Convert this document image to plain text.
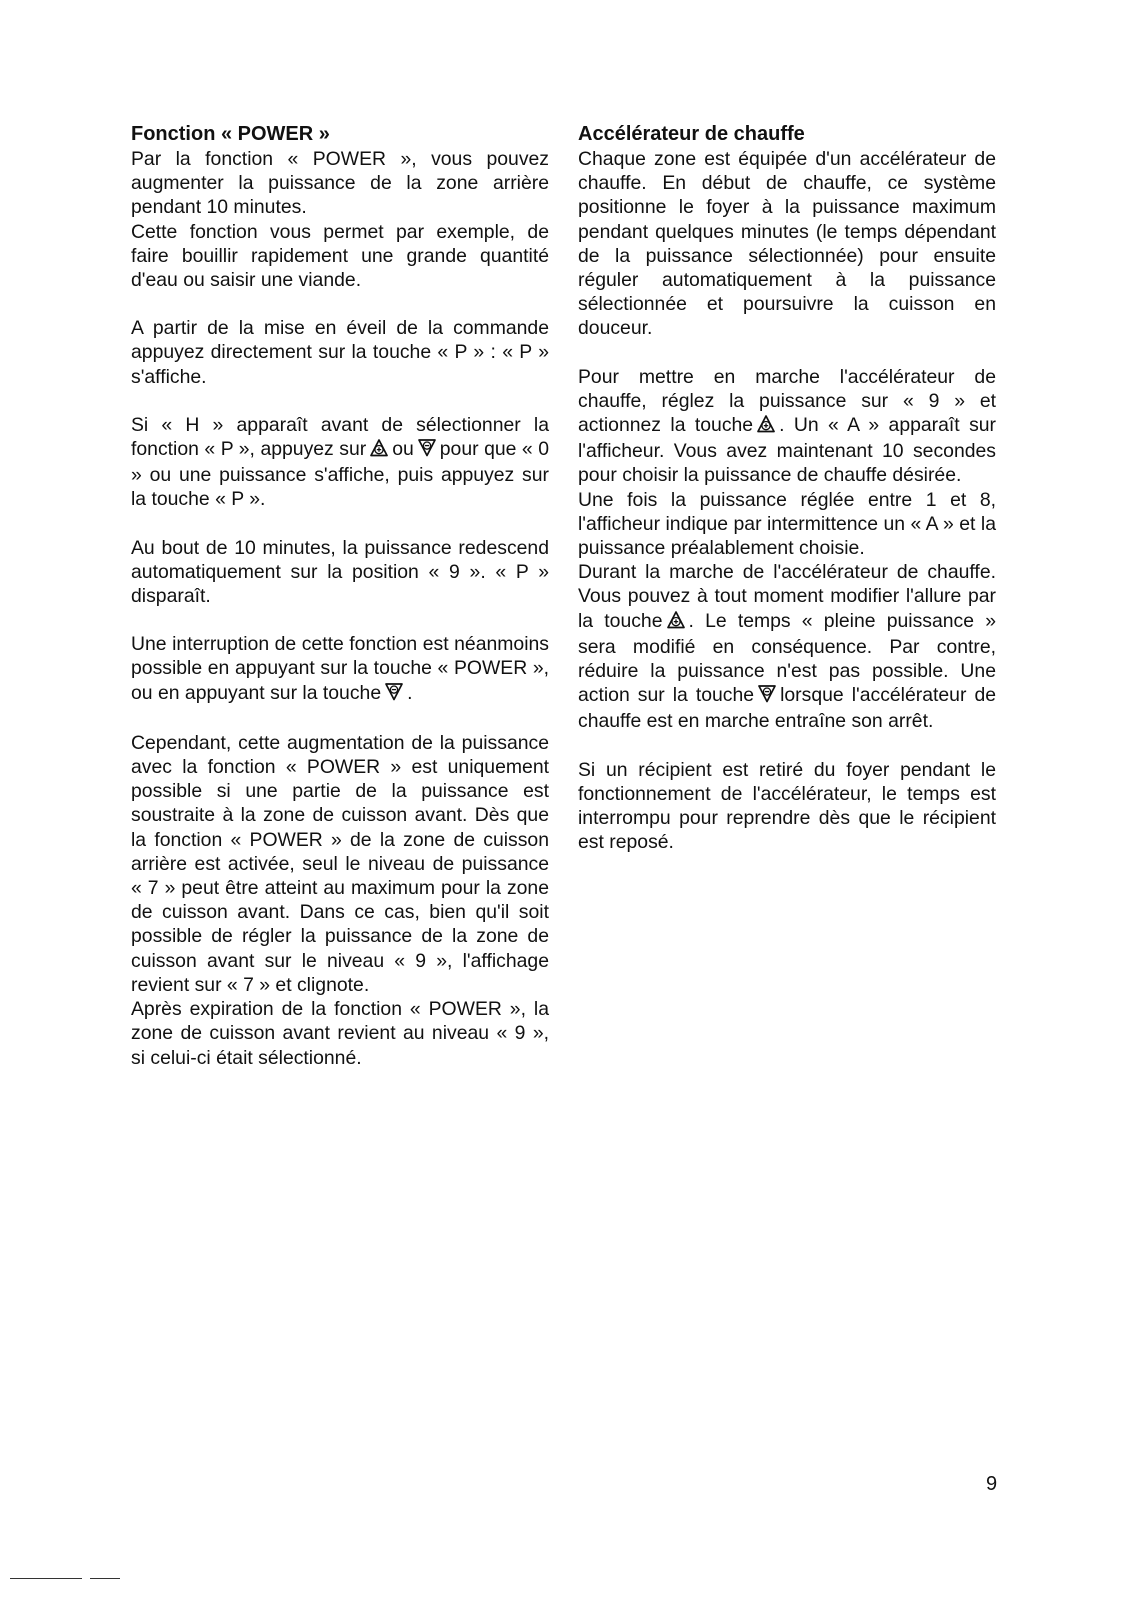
Fonction « POWER »

Par la fonction « POWER », vous pouvez augmenter la puissance de la zone arrière pendant 10 minutes.

Cette fonction vous permet par exemple, de faire bouillir rapidement une grande quantité d'eau ou saisir une viande.

A partir de la mise en éveil de la commande appuyez directement sur la touche « P » : « P » s'affiche.

Si « H » apparaît avant de sélectionner la fonction « P », appuyez sur ou pour que « 0 » ou une puissance s'affiche, puis appuyez sur la touche « P ».

Au bout de 10 minutes, la puissance redescend automatiquement sur la position « 9 ». « P » disparaît.

Une interruption de cette fonction est néanmoins possible en appuyant sur la touche « POWER », ou en appuyant sur la touche .

Cependant, cette augmentation de la puissance avec la fonction « POWER » est uniquement possible si une partie de la puissance est soustraite à la zone de cuisson avant. Dès que la fonction « POWER » de la zone de cuisson arrière est activée, seul le niveau de puissance « 7 » peut être atteint au maximum pour la zone de cuisson avant. Dans ce cas, bien qu'il soit possible de régler la puissance de la zone de cuisson avant sur le niveau « 9 », l'affichage revient sur « 7 » et clignote.

Après expiration de la fonction « POWER », la zone de cuisson avant revient au niveau « 9 », si celui-ci était sélectionné.

Accélérateur de chauffe

Chaque zone est équipée d'un accélérateur de chauffe. En début de chauffe, ce système positionne le foyer à la puissance maximum pendant quelques minutes (le temps dépendant de la puissance sélectionnée) pour ensuite réguler automatiquement à la puissance sélectionnée et poursuivre la cuisson en douceur.

Pour mettre en marche l'accélérateur de chauffe, réglez la puissance sur « 9 » et actionnez la touche . Un « A » apparaît sur l'afficheur. Vous avez maintenant 10 secondes pour choisir la puissance de chauffe désirée.

Une fois la puissance réglée entre 1 et 8, l'afficheur indique par intermittence un « A » et la puissance préalablement choisie.

Durant la marche de l'accélérateur de chauffe. Vous pouvez à tout moment modifier l'allure par la touche . Le temps « pleine puissance » sera modifié en conséquence. Par contre, réduire la puissance n'est pas possible. Une action sur la touche lorsque l'accélérateur de chauffe est en marche entraîne son arrêt.

Si un récipient est retiré du foyer pendant le fonctionnement de l'accélérateur, le temps est interrompu pour reprendre dès que le récipient est reposé.

9
